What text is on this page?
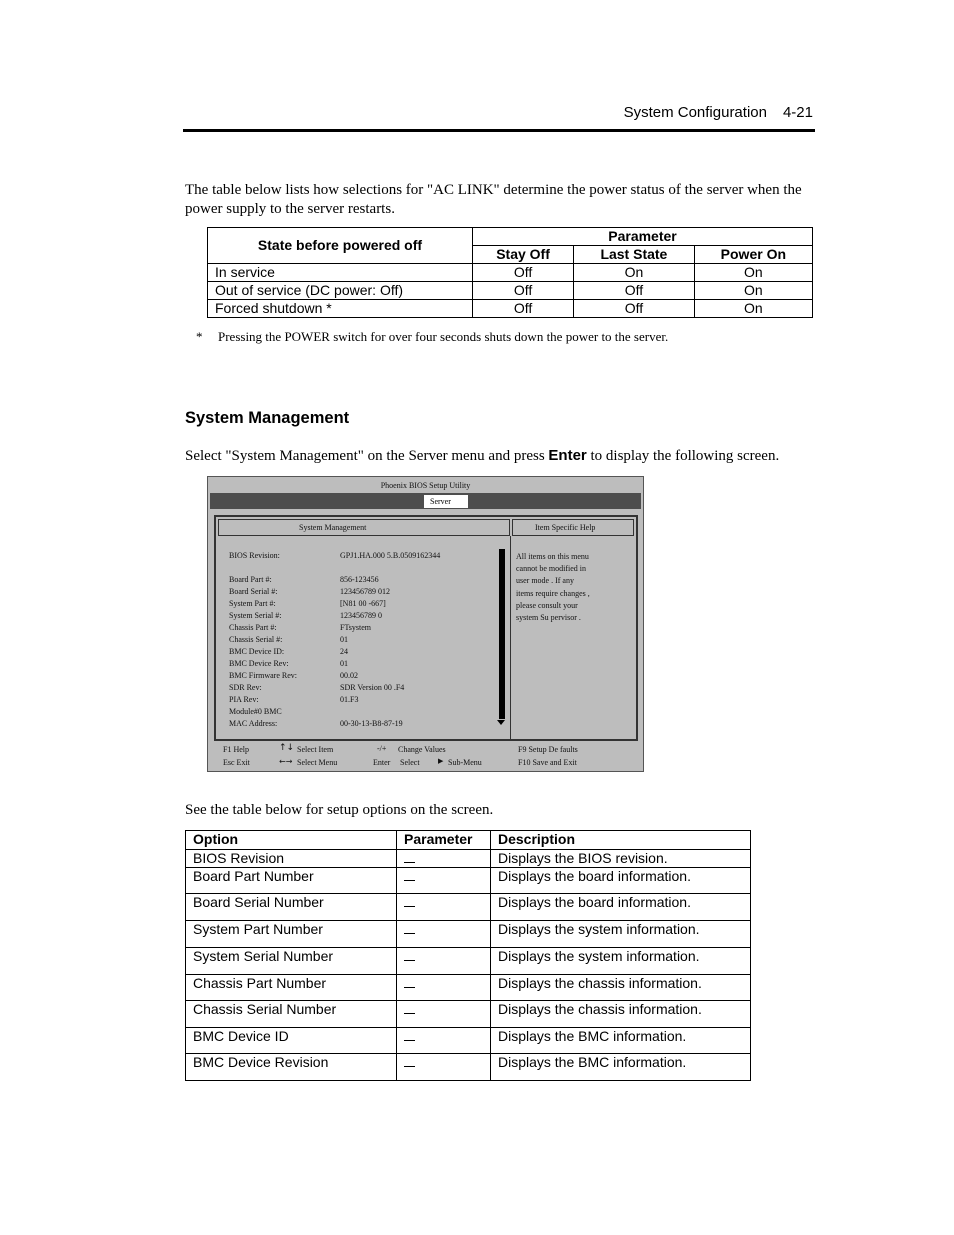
System Configuration 4-21
The table below lists how selections for "AC LINK" determine the power status of the server when the power supply to the server restarts.
State before powered off	Parameter		
	Stay Off	Last State	Power On
In service	Off	On	On
Out of service (DC power: Off)	Off	Off	On
Forced shutdown *	Off	Off	On
* Pressing the POWER switch for over four seconds shuts down the power to the server.
System Management
Select "System Management" on the Server menu and press Enter to display the following screen.
Phoenix BIOS Setup Utility
Server
System Management	Item Specific Help
BIOS Revision:	GPJ1.HA.000 5.B.0509162344
Board Part #:	856-123456
Board Serial #:	123456789 012
System Part #:	[N81 00 -667]
System Serial #:	123456789 0
Chassis Part #:	FTsystem
Chassis Serial #:	01
BMC Device ID:	24
BMC Device Rev:	01
BMC Firmware Rev:	00.02
SDR Rev:	SDR Version 00 .F4
PIA Rev:	01.F3
Module#0 BMC
MAC Address:	00-30-13-B8-87-19
All items on this menu
cannot be modified in
user mode . If any
items require changes ,
please consult your
system Su pervisor .
F1 Help	↑↓ Select Item	-/+ Change Values	F9 Setup De faults
Esc Exit	←→ Select Menu	Enter Select	▶ Sub-Menu	F10 Save and Exit
See the table below for setup options on the screen.
Option	Parameter	Description
BIOS Revision		Displays the BIOS revision.
Board Part Number		Displays the board information.
Board Serial Number		Displays the board information.
System Part Number		Displays the system information.
System Serial Number		Displays the system information.
Chassis Part Number		Displays the chassis information.
Chassis Serial Number		Displays the chassis information.
BMC Device ID		Displays the BMC information.
BMC Device Revision		Displays the BMC information.
